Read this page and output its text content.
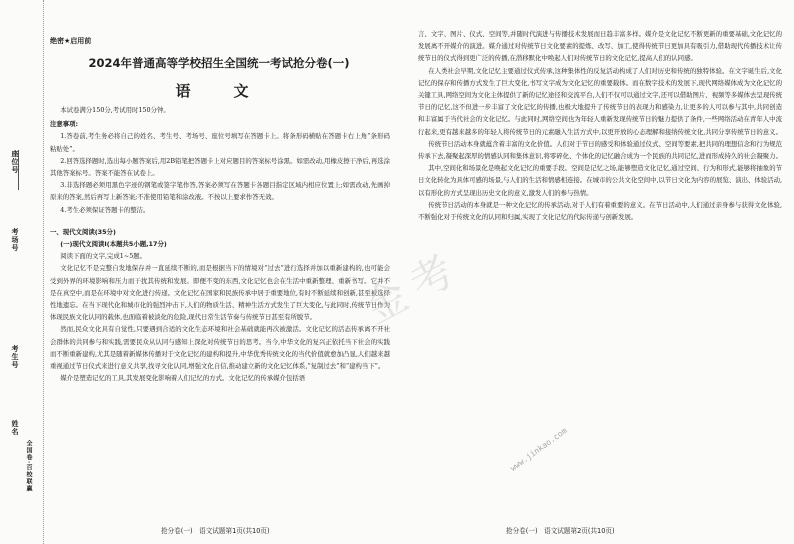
座位号
考场号
考生号
姓名
全国卷·百校联赢
绝密★启用前
2024年普通高等学校招生全国统一考试抢分卷(一)
语　文

本试卷满分150分,考试用时150分钟。

注意事项:

1.答卷前,考生务必将自己的姓名、考生号、考场号、座位号填写在答题卡上。将条形码横贴在答题卡右上角“条形码粘贴处”。

2.回答选择题时,选出每小题答案后,用2B铅笔把答题卡上对应题目的答案标号涂黑。如需改动,用橡皮擦干净后,再选涂其他答案标号。答案不能答在试卷上。

3.非选择题必须用黑色字迹的钢笔或签字笔作答,答案必须写在答题卡各题目指定区域内相应位置上;如需改动,先画掉原来的答案,然后再写上新答案;不准使用铅笔和涂改液。不按以上要求作答无效。

4.考生必须保证答题卡的整洁。

一、现代文阅读(35分)

(一)现代文阅读Ⅰ(本题共5小题,17分)

阅读下面的文字,完成1~5题。

文化记忆不是完整自发地保存并一直延续不断的,而是根据当下的情境对“过去”进行选择并加以重新建构的,也可能会受到外界的环境影响和压力而干扰其传统和发展。即便不变的东西,文化记忆也会在生活中重新整理、重新书写。它并不是在真空中,而是在环境中对文化进行传递。文化记忆在国家和民族传承中居于重要地位,有时不断延续和创新,甚至被选择性地遗忘。在当下现代化和城市化的强烈冲击下,人们的物质生活、精神生活方式发生了巨大变化,与此同时,传统节日作为体现民族文化认同的载体,也面临着被淡化的危险,现代日常生活节奏与传统节日甚至有所脱节。

然而,民众文化具有自觉性,只要遇到合适的文化生态环境和社会基础就能再次被激活。文化记忆的活态传承离不开社会群体的共同参与和实践,需要民众从认同与感知上深化对传统节日的思考。当今,中华文化的复兴正依托当下社会的实践而不断重新建构,尤其是随着新媒体传播对于文化记忆的建构和提升,中华优秀传统文化的当代价值就愈加凸显,人们越来越重视通过节日仪式来进行意义共享,找寻文化认同,增强文化自信,推动建立新的文化记忆体系,“复制过去”和“建构当下”。

媒介是塑造记忆的工具,其发展变化影响着人们记忆的方式。文化记忆的传承媒介包括语

抢分卷(一)　语文试题第1页(共10页)

言、文字、图片、仪式、空间等,并随时代演进与传播技术发展而日趋丰富多样。媒介是文化记忆不断更新的重要基础,文化记忆的发展离不开媒介的演进。媒介通过对传统节日文化要素的提炼、改写、加工,使得传统节日更加具有吸引力,借助现代传播技术让传统节日的仪式得到更广泛的传播,在潜移默化中唤起人们对传统节日的文化记忆,提高人们的认同感。

在人类社会早期,文化记忆主要通过仪式传承,这种集体性的反复活动构成了人们对历史和传统的独特体验。在文字诞生后,文化记忆的保存和传播方式发生了巨大变化,书写文字成为文化记忆的重要载体。而在数字技术的发展下,现代网络媒体成为文化记忆的关键工具,网络空间为文化主体提供了新的记忆途径和交流平台,人们不仅可以通过文字,还可以借助图片、视频等多媒体去呈现传统节日的记忆,这不但进一步丰富了文化记忆的传播,也极大地提升了传统节日的表现力和感染力,让更多的人可以参与其中,共同创造和丰富属于当代社会的文化记忆。与此同时,网络空间也为年轻人重新发现传统节日的魅力提供了条件,一些网络活动在青年人中流行起来,更有越来越多的年轻人将传统节日的元素融入生活方式中,以更开放的心态理解和接纳传统文化,共同分享传统节日的意义。

传统节日活动本身就蕴含着丰富的文化价值。人们对于节日的感受和体验通过仪式、空间等要素,把共同的理想信念和行为规范传承下去,凝聚起深厚的情感认同和集体意识,将零碎化、个体化的记忆融合成为一个民族的共同记忆,进而形成持久的社会凝聚力。

其中,空间化和场景化是唤起文化记忆的重要手段。空间是记忆之场,能够塑造文化记忆,通过空间、行为和形式,能够将抽象的节日文化转化为具体可感的场景,与人们的生活和情感相连接。在城市的公共文化空间中,以节日文化为内容的展览、演出、体验活动,以有形化的方式呈现出历史文化的意义,激发人们的参与热情。

传统节日活动的本身就是一种文化记忆的传承活动,对于人们有着重要的意义。在节日活动中,人们通过亲身参与获得文化体验,不断强化对于传统文化的认同和归属,实现了文化记忆的代际传递与创新发展。

抢分卷(一)　语文试题第2页(共10页)
金考
www.jinkao.com
